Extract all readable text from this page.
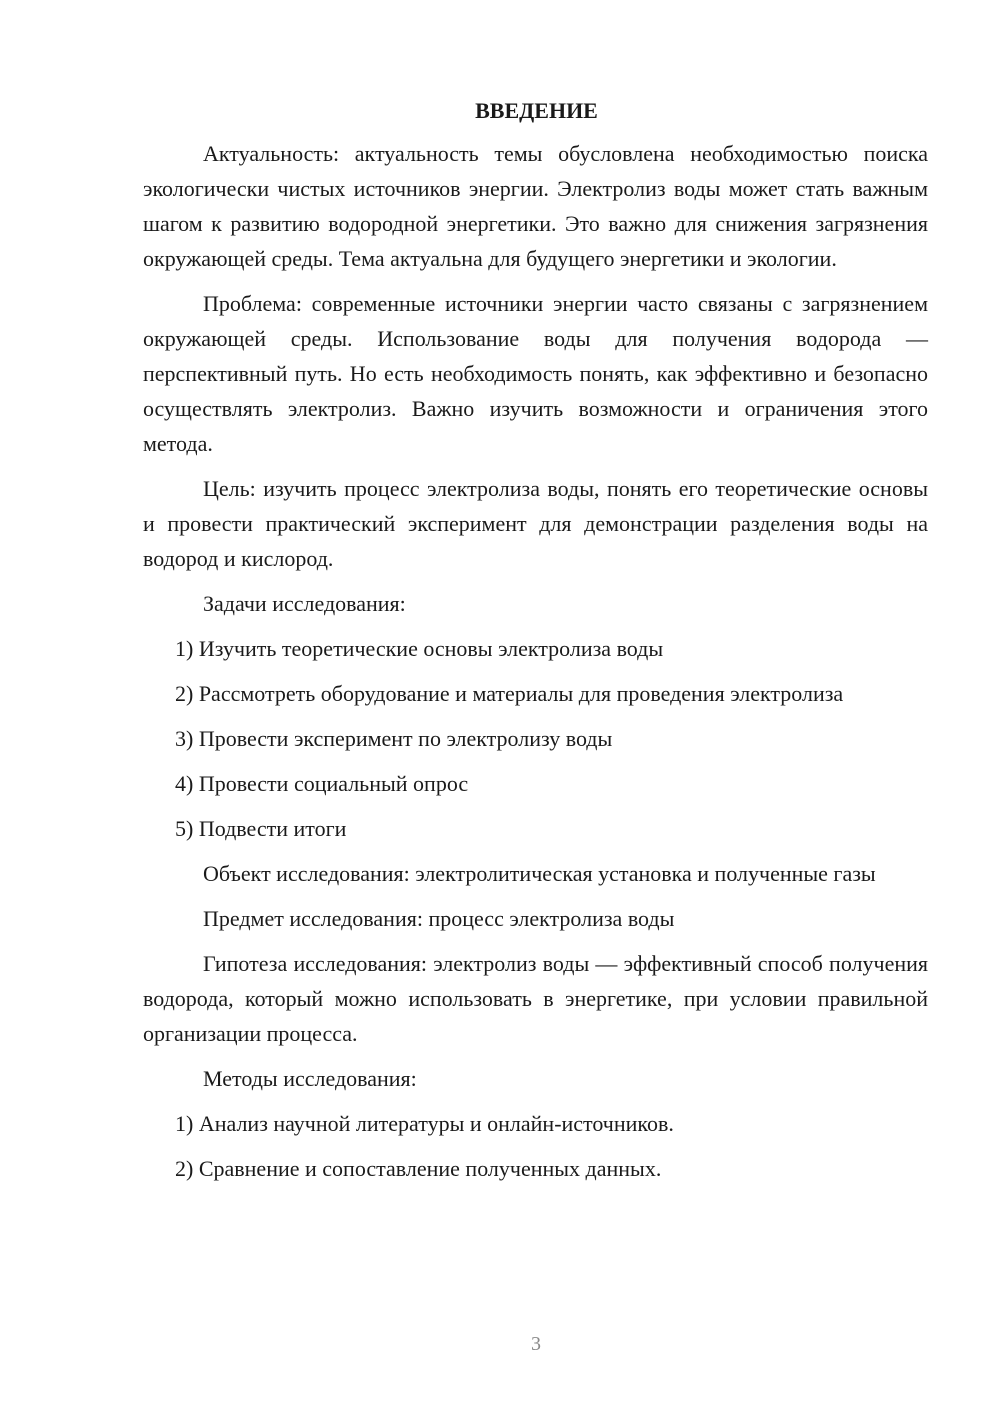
ВВЕДЕНИЕ

Актуальность: актуальность темы обусловлена необходимостью поиска экологически чистых источников энергии. Электролиз воды может стать важным шагом к развитию водородной энергетики. Это важно для снижения загрязнения окружающей среды. Тема актуальна для будущего энергетики и экологии.

Проблема: современные источники энергии часто связаны с загрязнением окружающей среды. Использование воды для получения водорода — перспективный путь. Но есть необходимость понять, как эффективно и безопасно осуществлять электролиз. Важно изучить возможности и ограничения этого метода.

Цель: изучить процесс электролиза воды, понять его теоретические основы и провести практический эксперимент для демонстрации разделения воды на водород и кислород.

Задачи исследования:

1) Изучить теоретические основы электролиза воды

2) Рассмотреть оборудование и материалы для проведения электролиза

3) Провести эксперимент по электролизу воды

4) Провести социальный опрос

5) Подвести итоги

Объект исследования: электролитическая установка и полученные газы

Предмет исследования: процесс электролиза воды

Гипотеза исследования: электролиз воды — эффективный способ получения водорода, который можно использовать в энергетике, при условии правильной организации процесса.

Методы исследования:

1) Анализ научной литературы и онлайн-источников.

2) Сравнение и сопоставление полученных данных.

3
